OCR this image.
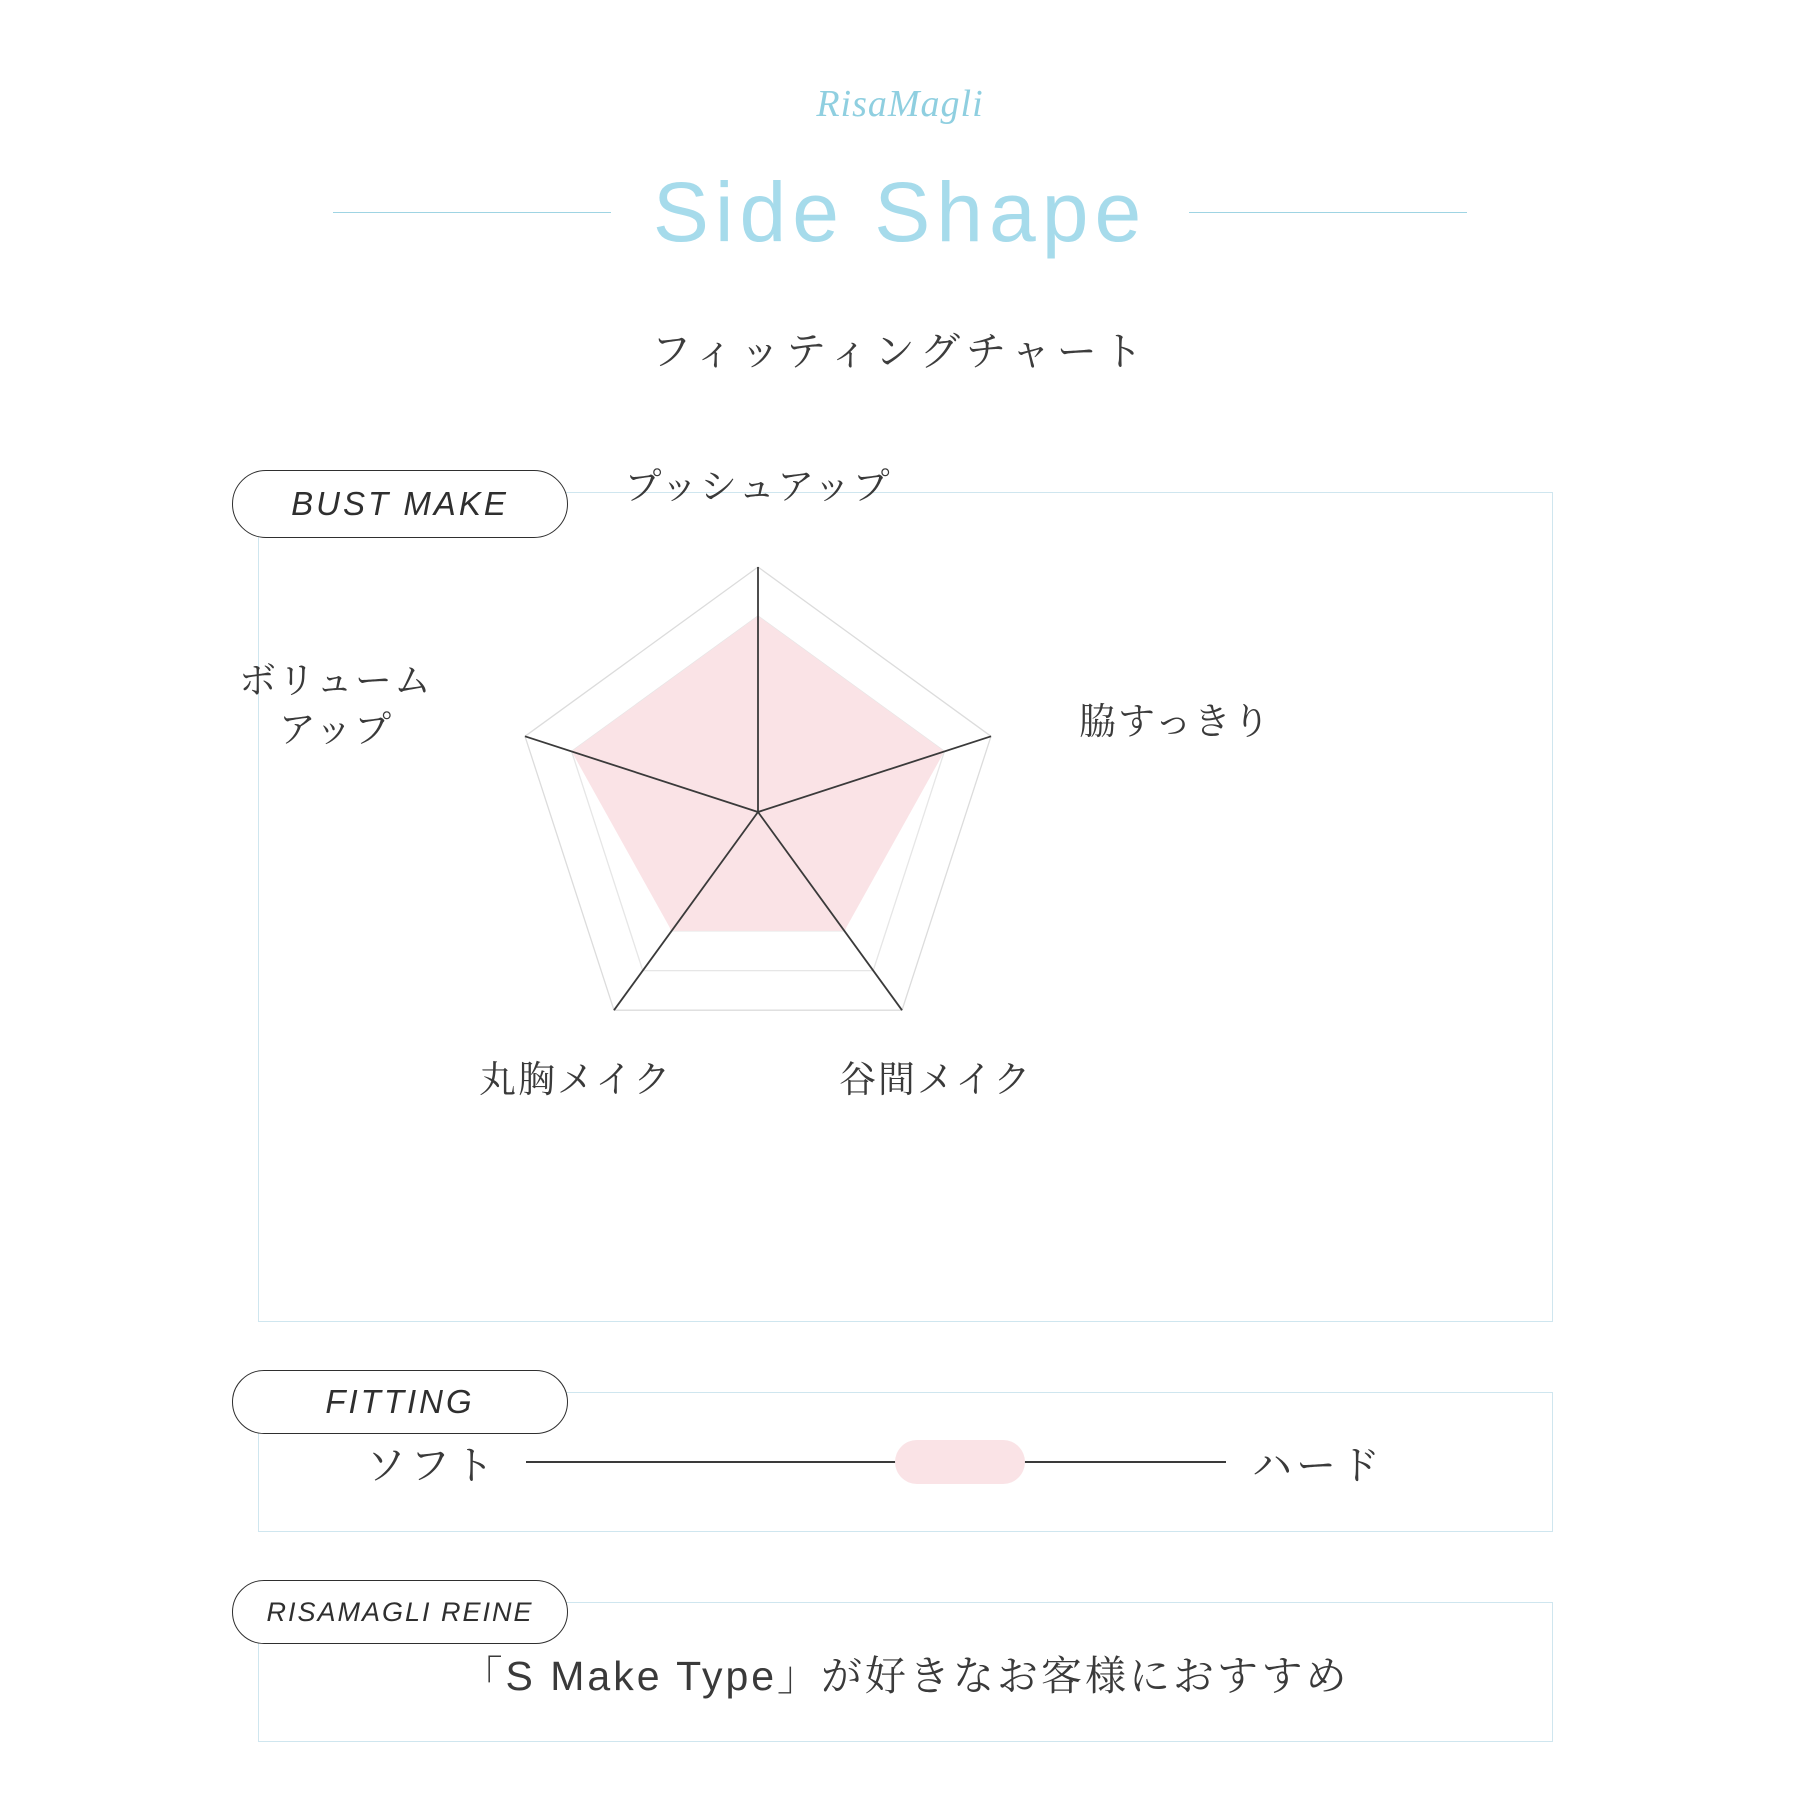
RisaMagli
Side Shape
フィッティングチャート
プッシュアップ
脇すっきり
谷間メイク
丸胸メイク
ボリューム
アップ
ソフト	ハード
「S Make Type」が好きなお客様におすすめ
BUST MAKE
FITTING
RISAMAGLI REINE
